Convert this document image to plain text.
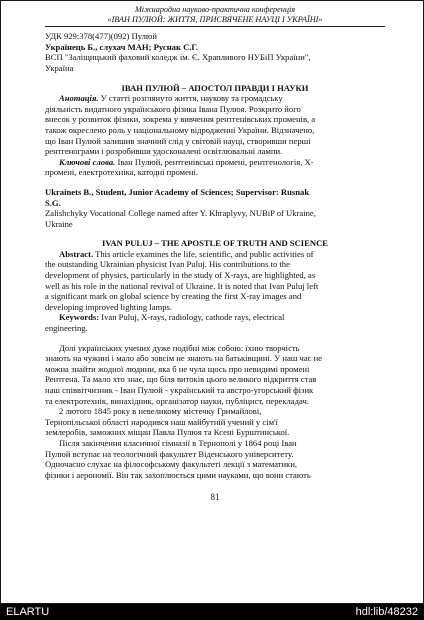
Міжнародна науково-практична конференція
«ІВАН ПУЛЮЙ: ЖИТТЯ, ПРИСВЯЧЕНЕ НАУЦІ І УКРАЇНІ»
УДК 929:378(477)(092) Пулюй
Українець Б., слухач МАН; Руснак С.Г.
ВСП "Заліщицький фаховий коледж ім. Є. Храпливого НУБіП України",
Україна
ІВАН ПУЛЮЙ – АПОСТОЛ ПРАВДИ І НАУКИ
Анотація. У статті розглянуто життя, наукову та громадську
діяльність видатного українського фізика Івана Пулюя. Розкрито його
внесок у розвиток фізики, зокрема у вивчення рентгенівських променів, а
також окреслено роль у національному відродженні України. Відзначено,
що Іван Пулюй залишив значний слід у світовій науці, створивши перші
рентгенограми і розробивши удосконалені освітлювальні лампи.
Ключові слова. Іван Пулюй, рентгенівські промені, рентгенологія, Х-
промені, електротехніка, катодні промені.
Ukrainets B., Student, Junior Academy of Sciences; Supervisor: Rusnak
S.G.
Zalishchyky Vocational College named after Y. Khraplyvy, NUBiP of Ukraine,
Ukraine
IVAN PULUJ – THE APOSTLE OF TRUTH AND SCIENCE
Abstract. This article examines the life, scientific, and public activities of
the outstanding Ukrainian physicist Ivan Puluj. His contributions to the
development of physics, particularly in the study of X-rays, are highlighted, as
well as his role in the national revival of Ukraine. It is noted that Ivan Puluj left
a significant mark on global science by creating the first X-ray images and
developing improved lighting lamps.
Keywords: Ivan Puluj, X-rays, radiology, cathode rays, electrical
engineering.
Долі українських учених дуже подібні між собою: їхню творчість
знають на чужині і мало або зовсім не знають на батьківщині. У наш час не
можна знайти жодної людини, яка б не чула щось про невидимі промені
Рентгена. Та мало хто знає, що біля витоків цього великого відкриття став
наш співвітчизник - Іван Пулюй - український та австро-угорський фізик
та електротехнік, винахідник, організатор науки, публіцист, перекладач.
2 лютого 1845 року в невеликому містечку Гримайлові,
Тернопільської області народився наш майбутній учений у сім'ї
землеробів, заможних міщан Павла Пулюя та Ксені Бурштинської.
Після закінчення класичної гімназії в Тернополі у 1864 році Іван
Пулюй вступає на теологічний факультет Віденського університету.
Одночасно слухає на філософському факультеті лекції з математики,
фізики і аерономії. Він так захоплюється цими науками, що вони стають
81
ELARTU	hdl:lib/48232
